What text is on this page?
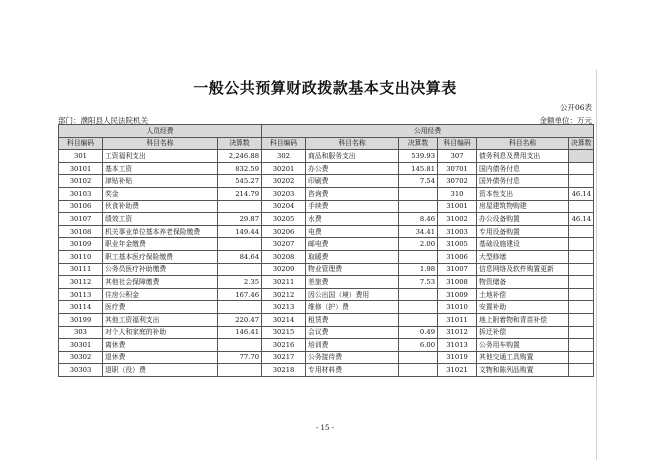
一般公共预算财政拨款基本支出决算表
公开06表
部门：濮阳县人民法院机关	金额单位：万元
人员经费			公用经费					
科目编码	科目名称	决算数	科目编码	科目名称	决算数	科目编码	科目名称	决算数
301	工资福利支出	2,246.88	302	商品和服务支出	539.93	307	债务利息及费用支出	
30101	基本工资	832.59	30201	办公费	145.81	30701	国内债务付息	
30102	津贴补贴	545.27	30202	印刷费	7.54	30702	国外债务付息	
30103	奖金	214.79	30203	咨询费		310	资本性支出	46.14
30106	伙食补助费		30204	手续费		31001	房屋建筑物购建	
30107	绩效工资	29.87	30205	水费	8.46	31002	办公设备购置	46.14
30108	机关事业单位基本养老保险缴费	149.44	30206	电费	34.41	31003	专用设备购置	
30109	职业年金缴费		30207	邮电费	2.00	31005	基础设施建设	
30110	职工基本医疗保险缴费	84.64	30208	取暖费		31006	大型修缮	
30111	公务员医疗补助缴费		30209	物业管理费	1.98	31007	信息网络及软件购置更新	
30112	其他社会保障缴费	2.35	30211	差旅费	7.53	31008	物资储备	
30113	住房公积金	167.46	30212	因公出国（境）费用		31009	土地补偿	
30114	医疗费		30213	维修（护）费		31010	安置补助	
30199	其他工资福利支出	220.47	30214	租赁费		31011	地上附着物和青苗补偿	
303	对个人和家庭的补助	146.41	30215	会议费	0.49	31012	拆迁补偿	
30301	离休费		30216	培训费	6.00	31013	公务用车购置	
30302	退休费	77.70	30217	公务接待费		31019	其他交通工具购置	
30303	退职（役）费		30218	专用材料费		31021	文物和陈列品购置	
- 15 -
